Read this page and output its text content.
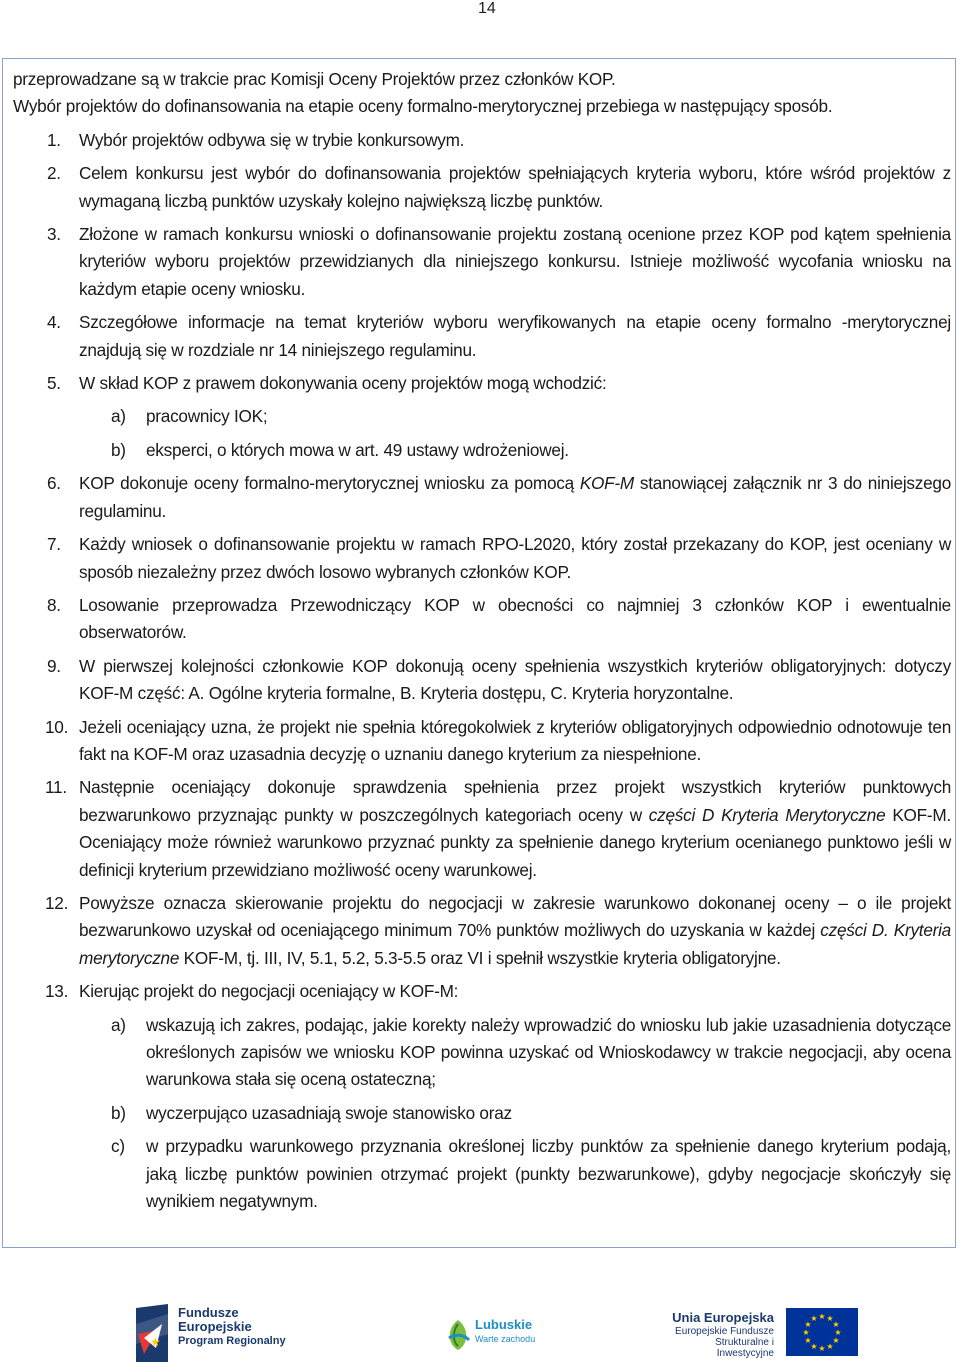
14

przeprowadzane są w trakcie prac Komisji Oceny Projektów przez członków KOP.

Wybór projektów do dofinansowania na etapie oceny formalno-merytorycznej przebiega w następujący sposób.

1. Wybór projektów odbywa się w trybie konkursowym.

2. Celem konkursu jest wybór do dofinansowania projektów spełniających kryteria wyboru, które wśród projektów z wymaganą liczbą punktów uzyskały kolejno największą liczbę punktów.

3. Złożone w ramach konkursu wnioski o dofinansowanie projektu zostaną ocenione przez KOP pod kątem spełnienia kryteriów wyboru projektów przewidzianych dla niniejszego konkursu. Istnieje możliwość wycofania wniosku na każdym etapie oceny wniosku.

4. Szczegółowe informacje na temat kryteriów wyboru weryfikowanych na etapie oceny formalno -merytorycznej znajdują się w rozdziale nr 14 niniejszego regulaminu.

5. W skład KOP z prawem dokonywania oceny projektów mogą wchodzić:

a) pracownicy IOK;

b) eksperci, o których mowa w art. 49 ustawy wdrożeniowej.

6. KOP dokonuje oceny formalno-merytorycznej wniosku za pomocą KOF-M stanowiącej załącznik nr 3 do niniejszego regulaminu.

7. Każdy wniosek o dofinansowanie projektu w ramach RPO-L2020, który został przekazany do KOP, jest oceniany w sposób niezależny przez dwóch losowo wybranych członków KOP.

8. Losowanie przeprowadza Przewodniczący KOP w obecności co najmniej 3 członków KOP i ewentualnie obserwatorów.

9. W pierwszej kolejności członkowie KOP dokonują oceny spełnienia wszystkich kryteriów obligatoryjnych: dotyczy KOF-M część: A. Ogólne kryteria formalne, B. Kryteria dostępu, C. Kryteria horyzontalne.

10. Jeżeli oceniający uzna, że projekt nie spełnia któregokolwiek z kryteriów obligatoryjnych odpowiednio odnotowuje ten fakt na KOF-M oraz uzasadnia decyzję o uznaniu danego kryterium za niespełnione.

11. Następnie oceniający dokonuje sprawdzenia spełnienia przez projekt wszystkich kryteriów punktowych bezwarunkowo przyznając punkty w poszczególnych kategoriach oceny w części D Kryteria Merytoryczne KOF-M. Oceniający może również warunkowo przyznać punkty za spełnienie danego kryterium ocenianego punktowo jeśli w definicji kryterium przewidziano możliwość oceny warunkowej.

12. Powyższe oznacza skierowanie projektu do negocjacji w zakresie warunkowo dokonanej oceny – o ile projekt bezwarunkowo uzyskał od oceniającego minimum 70% punktów możliwych do uzyskania w każdej części D. Kryteria merytoryczne KOF-M, tj. III, IV, 5.1, 5.2, 5.3-5.5 oraz VI i spełnił wszystkie kryteria obligatoryjne.

13. Kierując projekt do negocjacji oceniający w KOF-M:

a) wskazują ich zakres, podając, jakie korekty należy wprowadzić do wniosku lub jakie uzasadnienia dotyczące określonych zapisów we wniosku KOP powinna uzyskać od Wnioskodawcy w trakcie negocjacji, aby ocena warunkowa stała się oceną ostateczną;

b) wyczerpująco uzasadniają swoje stanowisko oraz

c) w przypadku warunkowego przyznania określonej liczby punktów za spełnienie danego kryterium podają, jaką liczbę punktów powinien otrzymać projekt (punkty bezwarunkowe), gdyby negocjacje skończyły się wynikiem negatywnym.

★
Fundusze
Europejskie
Program Regionalny
Lubuskie
Warte zachodu
Unia Europejska
Europejskie Fundusze
Strukturalne i Inwestycyjne
★ ★
★
★
★
★
★
★
★
★
★
★
